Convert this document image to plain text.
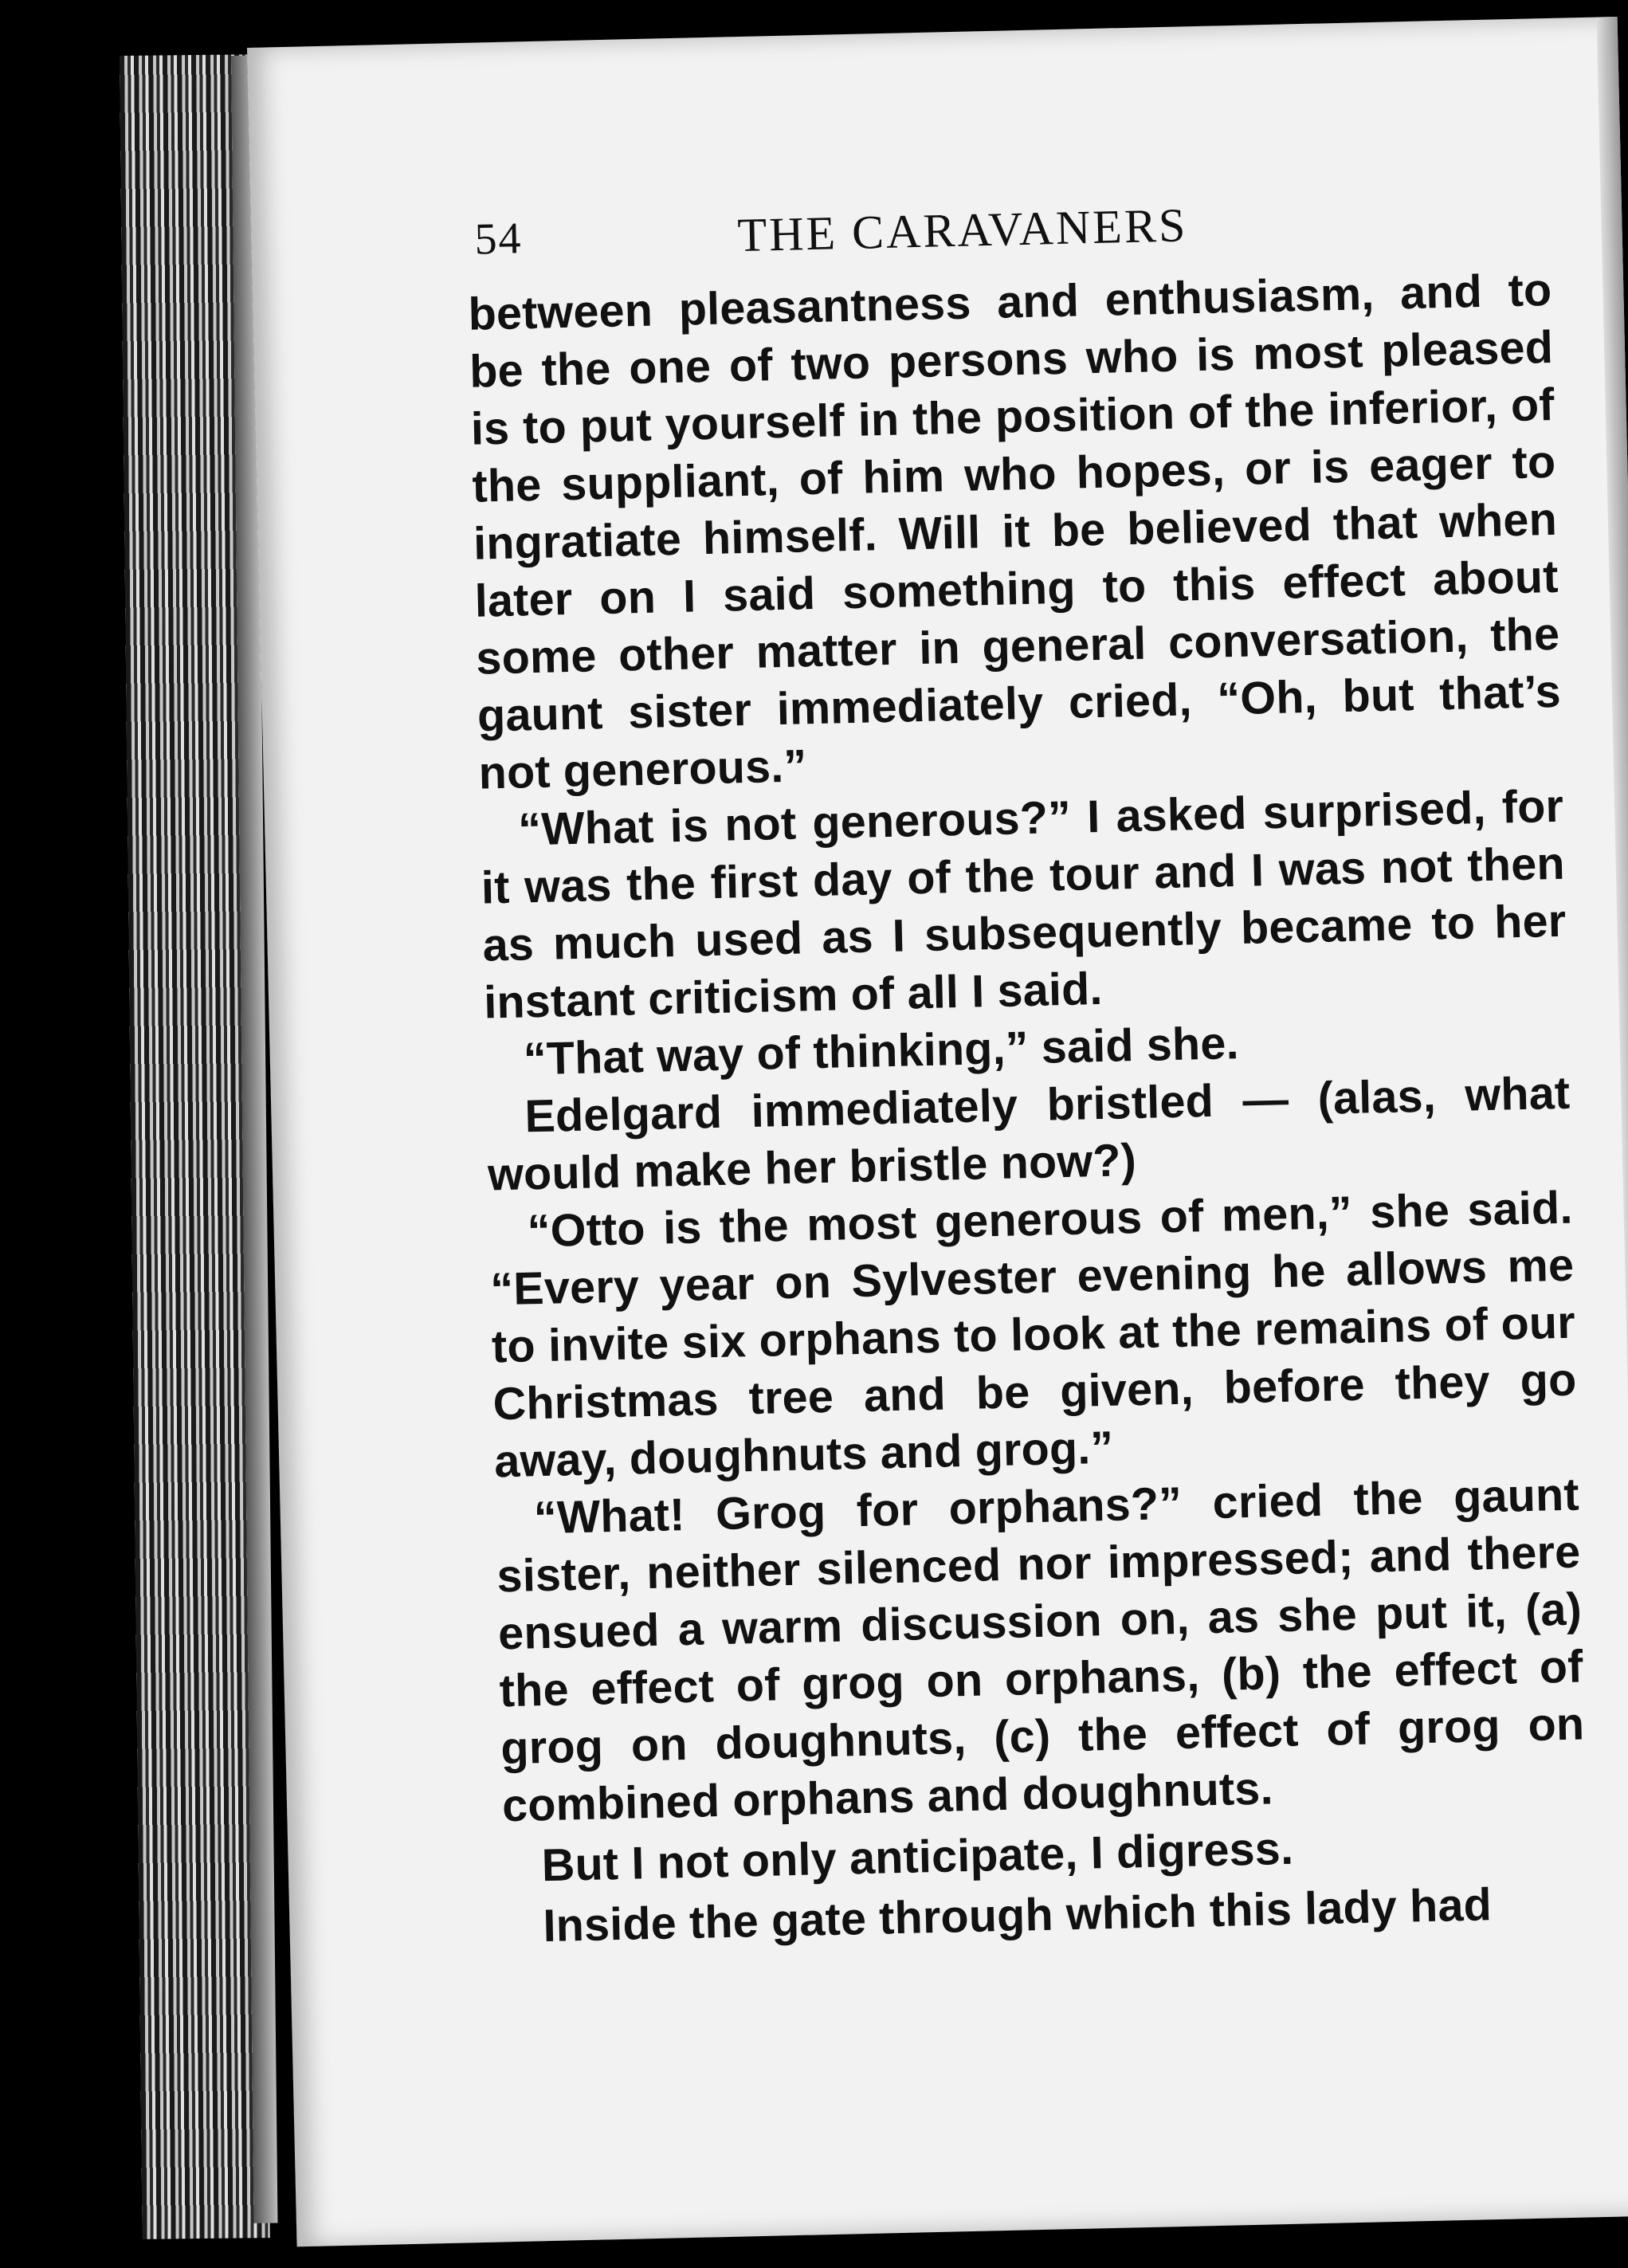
54	THE CARAVANERS

between pleasantness and enthusiasm, and to be the one of two persons who is most pleased is to put yourself in the position of the inferior, of the suppliant, of him who hopes, or is eager to ingratiate himself. Will it be believed that when later on I said something to this effect about some other matter in general conversation, the gaunt sister immediately cried, “Oh, but that’s not generous.”

“What is not generous?” I asked surprised, for it was the first day of the tour and I was not then as much used as I subsequently became to her instant criticism of all I said.

“That way of thinking,” said she.

Edelgard immediately bristled — (alas, what would make her bristle now?)

“Otto is the most generous of men,” she said. “Every year on Sylvester evening he allows me to invite six orphans to look at the remains of our Christmas tree and be given, before they go away, doughnuts and grog.”

“What! Grog for orphans?” cried the gaunt sister, neither silenced nor impressed; and there ensued a warm discussion on, as she put it, (a) the effect of grog on orphans, (b) the effect of grog on doughnuts, (c) the effect of grog on combined orphans and doughnuts.

But I not only anticipate, I digress.

Inside the gate through which this lady had
